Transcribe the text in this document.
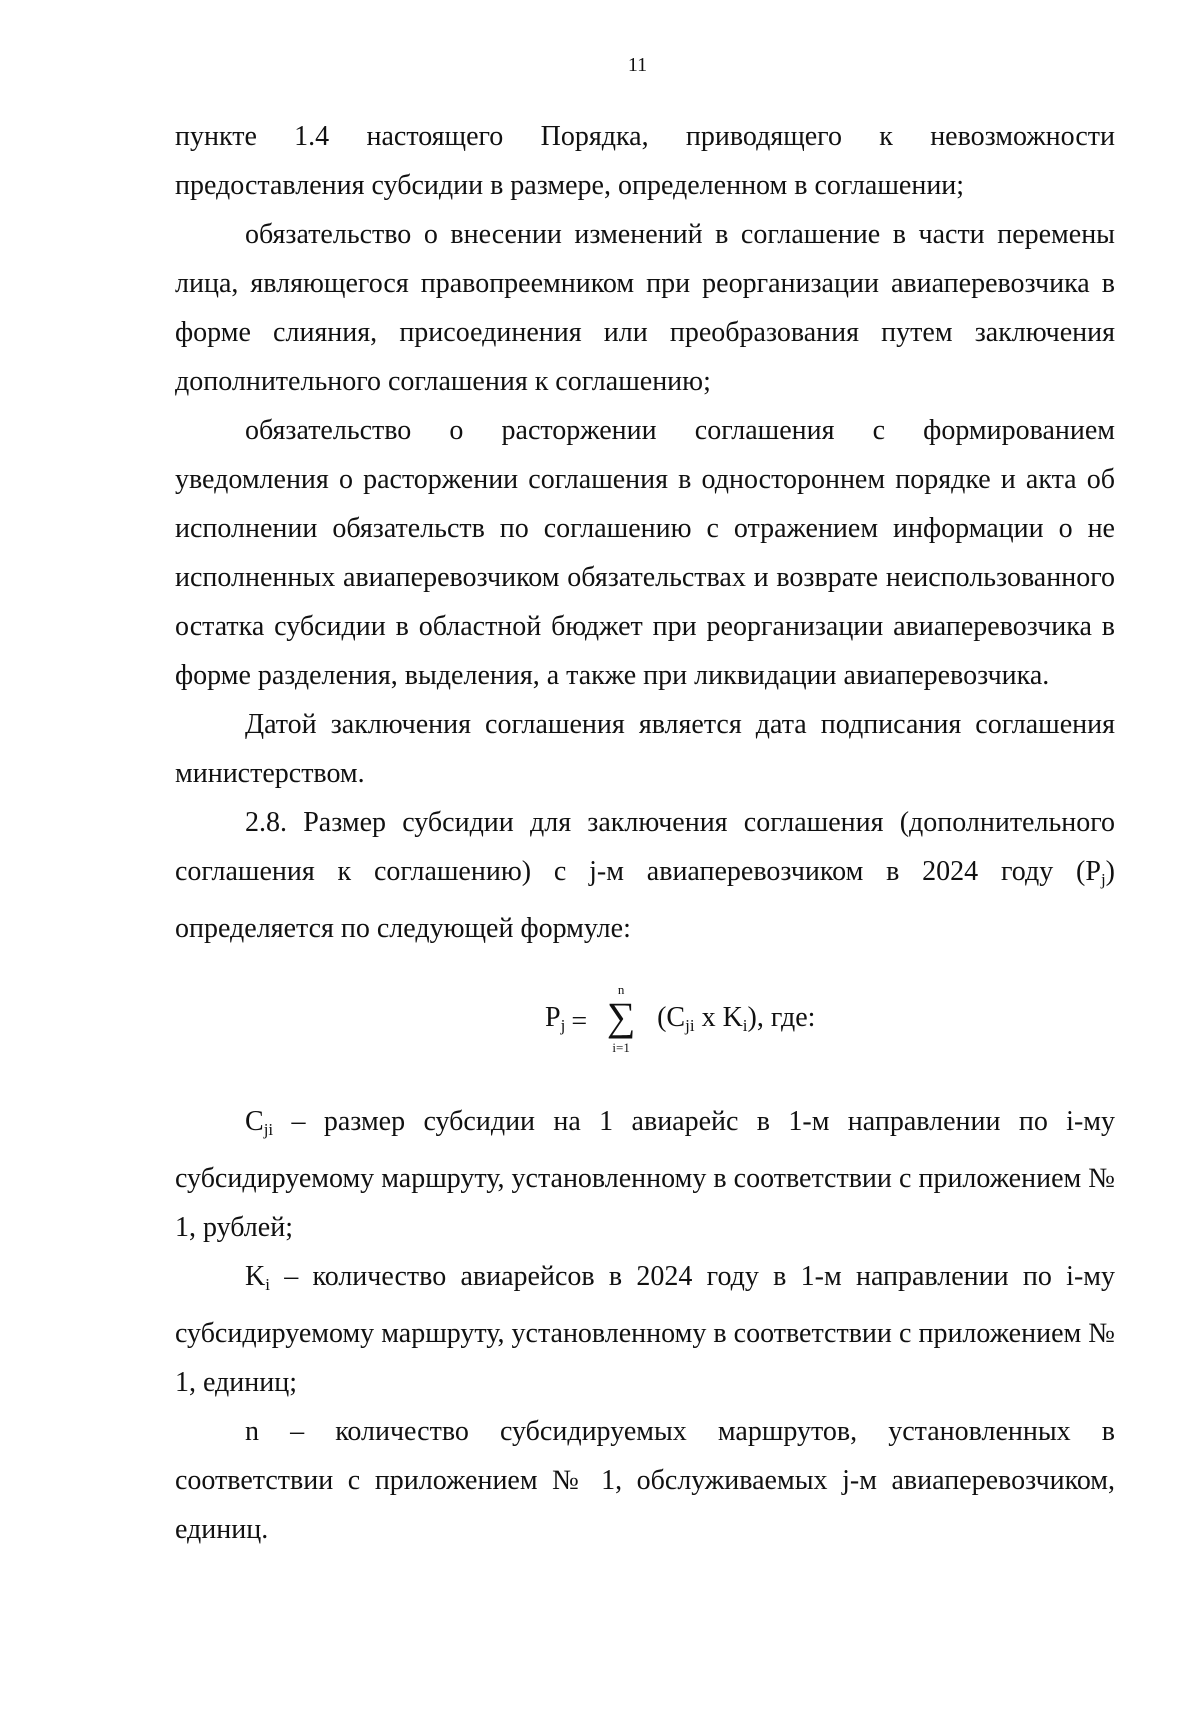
11

пункте 1.4 настоящего Порядка, приводящего к невозможности предоставления субсидии в размере, определенном в соглашении;

обязательство о внесении изменений в соглашение в части перемены лица, являющегося правопреемником при реорганизации авиаперевозчика в форме слияния, присоединения или преобразования путем заключения дополнительного соглашения к соглашению;

обязательство о расторжении соглашения с формированием уведомления о расторжении соглашения в одностороннем порядке и акта об исполнении обязательств по соглашению с отражением информации о не исполненных авиаперевозчиком обязательствах и возврате неиспользованного остатка субсидии в областной бюджет при реорганизации авиаперевозчика в форме разделения, выделения, а также при ликвидации авиаперевозчика.

Датой заключения соглашения является дата подписания соглашения министерством.

2.8. Размер субсидии для заключения соглашения (дополнительного соглашения к соглашению) с j-м авиаперевозчиком в 2024 году $(P_j)$ определяется по следующей формуле:

$P_j$ =
n
∑
i=1
($C_{ji}$ x $K_i$), где:

$C_{ji}$ – размер субсидии на 1 авиарейс в 1-м направлении по i-му субсидируемому маршруту, установленному в соответствии с приложением № 1, рублей;

$K_i$ – количество авиарейсов в 2024 году в 1-м направлении по i-му субсидируемому маршруту, установленному в соответствии с приложением № 1, единиц;

n – количество субсидируемых маршрутов, установленных в соответствии с приложением № 1, обслуживаемых j-м авиаперевозчиком, единиц.
